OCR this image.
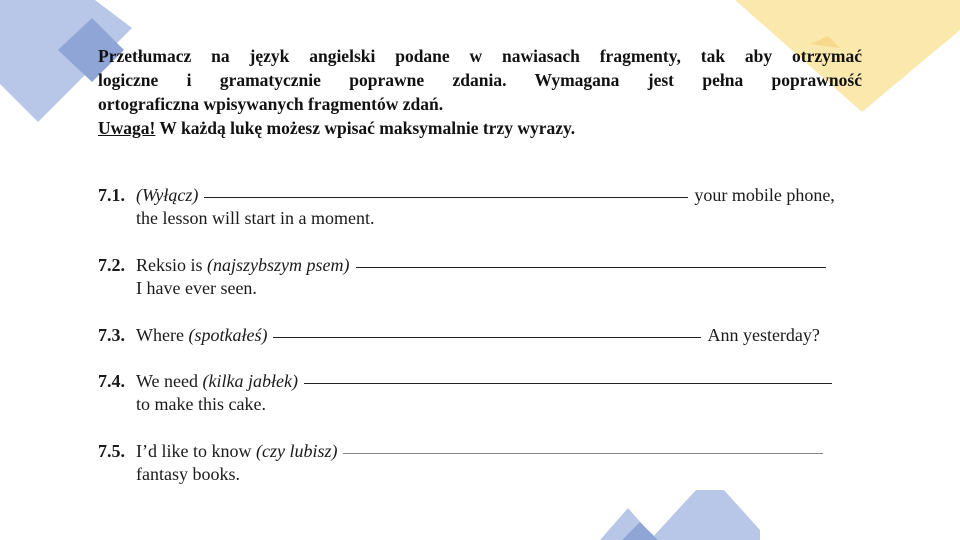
Przetłumacz na język angielski podane w nawiasach fragmenty, tak aby otrzymać
logiczne i gramatycznie poprawne zdania. Wymagana jest pełna poprawność
ortograficzna wpisywanych fragmentów zdań.
Uwaga! W każdą lukę możesz wpisać maksymalnie trzy wyrazy.
7.1. (Wyłącz)	your mobile phone,
the lesson will start in a moment.
7.2. Reksio is (najszybszym psem)
I have ever seen.
7.3. Where (spotkałeś)	Ann yesterday?
7.4. We need (kilka jabłek)
to make this cake.
7.5. I’d like to know (czy lubisz)
fantasy books.
